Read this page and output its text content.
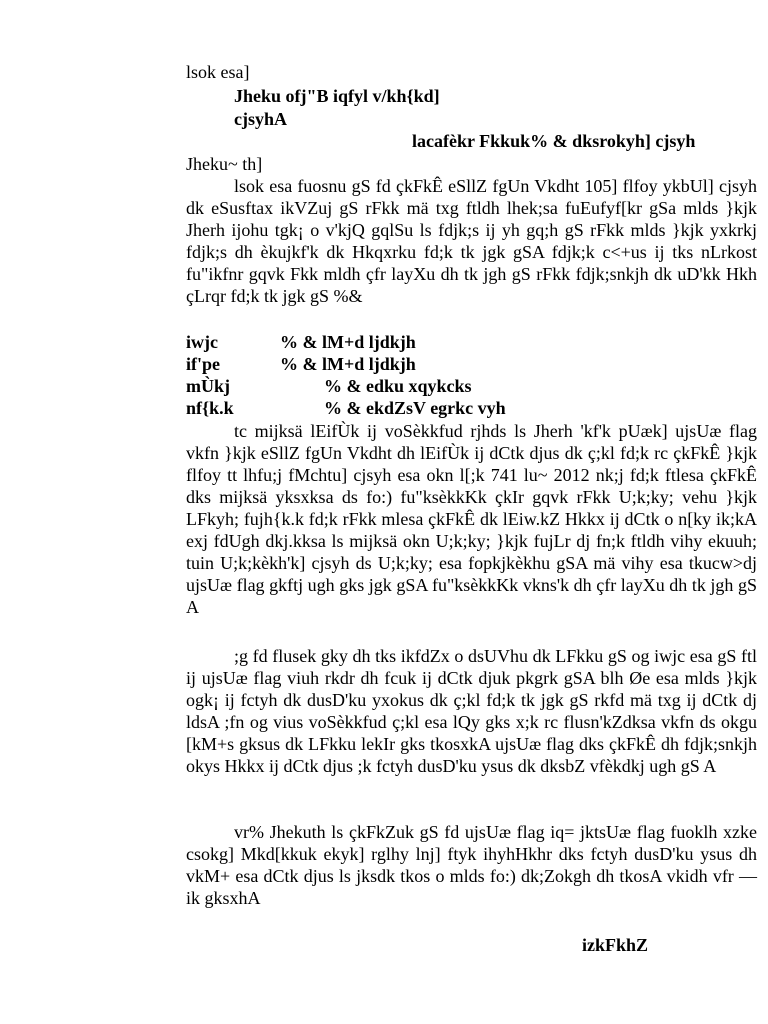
lsok esa]
Jheku ofj"B iqfyl v/kh{kd]
cjsyhA
lacafèkr Fkkuk% & dksrokyh] cjsyh
Jheku~ th]
lsok esa fuosnu gS fd çkFkÊ eSllZ fgUn Vkdht 105] flfoy ykbUl] cjsyh dk eSusftax ikVZuj gS rFkk mä txg ftldh lhek;sa fuEufyf[kr gSa mlds }kjk Jherh ijohu tgk¡ o v'kjQ gqlSu ls fdjk;s ij yh gq;h gS rFkk mlds }kjk yxkrkj fdjk;s dh èkujkf'k dk Hkqxrku fd;k tk jgk gSA fdjk;k c<+us ij tks nLrkost fu"ikfnr gqvk Fkk mldh çfr layXu dh tk jgh gS rFkk fdjk;snkjh dk uD'kk Hkh çLrqr fd;k tk jgk gS %&
iwjc	% & lM+d ljdkjh
if'pe	% & lM+d ljdkjh
mÙkj	% & edku xqykcks
nf{k.k	% & ekdZsV egrkc vyh
tc mijksä lEifÙk ij voSèkkfud rjhds ls Jherh 'kf'k pUæk] ujsUæ flag vkfn }kjk eSllZ fgUn Vkdht dh lEifÙk ij dCtk djus dk ç;kl fd;k rc çkFkÊ }kjk flfoy tt lhfu;j fMchtu] cjsyh esa okn l[;k 741 lu~ 2012 nk;j fd;k ftlesa çkFkÊ dks mijksä yksxksa ds fo:) fu"ksèkkKk çkIr gqvk rFkk U;k;ky; vehu }kjk LFkyh; fujh{k.k fd;k rFkk mlesa çkFkÊ dk lEiw.kZ Hkkx ij dCtk o n[ky ik;kA exj fdUgh dkj.kksa ls mijksä okn U;k;ky; }kjk fujLr dj fn;k ftldh vihy ekuuh; tuin U;k;kèkh'k] cjsyh ds U;k;ky; esa fopkjkèkhu gSA mä vihy esa tkucw>dj ujsUæ flag gkftj ugh gks jgk gSA fu"ksèkkKk vkns'k dh çfr layXu dh tk jgh gS A
;g fd flusek gky dh tks ikfdZx o dsUVhu dk LFkku gS og iwjc esa gS ftl ij ujsUæ flag viuh rkdr dh fcuk ij dCtk djuk pkgrk gSA blh Øe esa mlds }kjk ogk¡ ij fctyh dk dusD'ku yxokus dk ç;kl fd;k tk jgk gS rkfd mä txg ij dCtk dj ldsA ;fn og vius voSèkkfud ç;kl esa lQy gks x;k rc flusn'kZdksa vkfn ds okgu [kM+s gksus dk LFkku lekIr gks tkosxkA ujsUæ flag dks çkFkÊ dh fdjk;snkjh okys Hkkx ij dCtk djus ;k fctyh dusD'ku ysus dk dksbZ vfèkdkj ugh gS A
vr% Jhekuth ls çkFkZuk gS fd ujsUæ flag iq= jktsUæ flag fuoklh xzke csokg] Mkd[kkuk ekyk] rglhy lnj] ftyk ihyhHkhr dks fctyh dusD'ku ysus dh vkM+ esa dCtk djus ls jksdk tkos o mlds fo:) dk;Zokgh dh tkosA vkidh vfr —ik gksxhA
izkFkhZ
